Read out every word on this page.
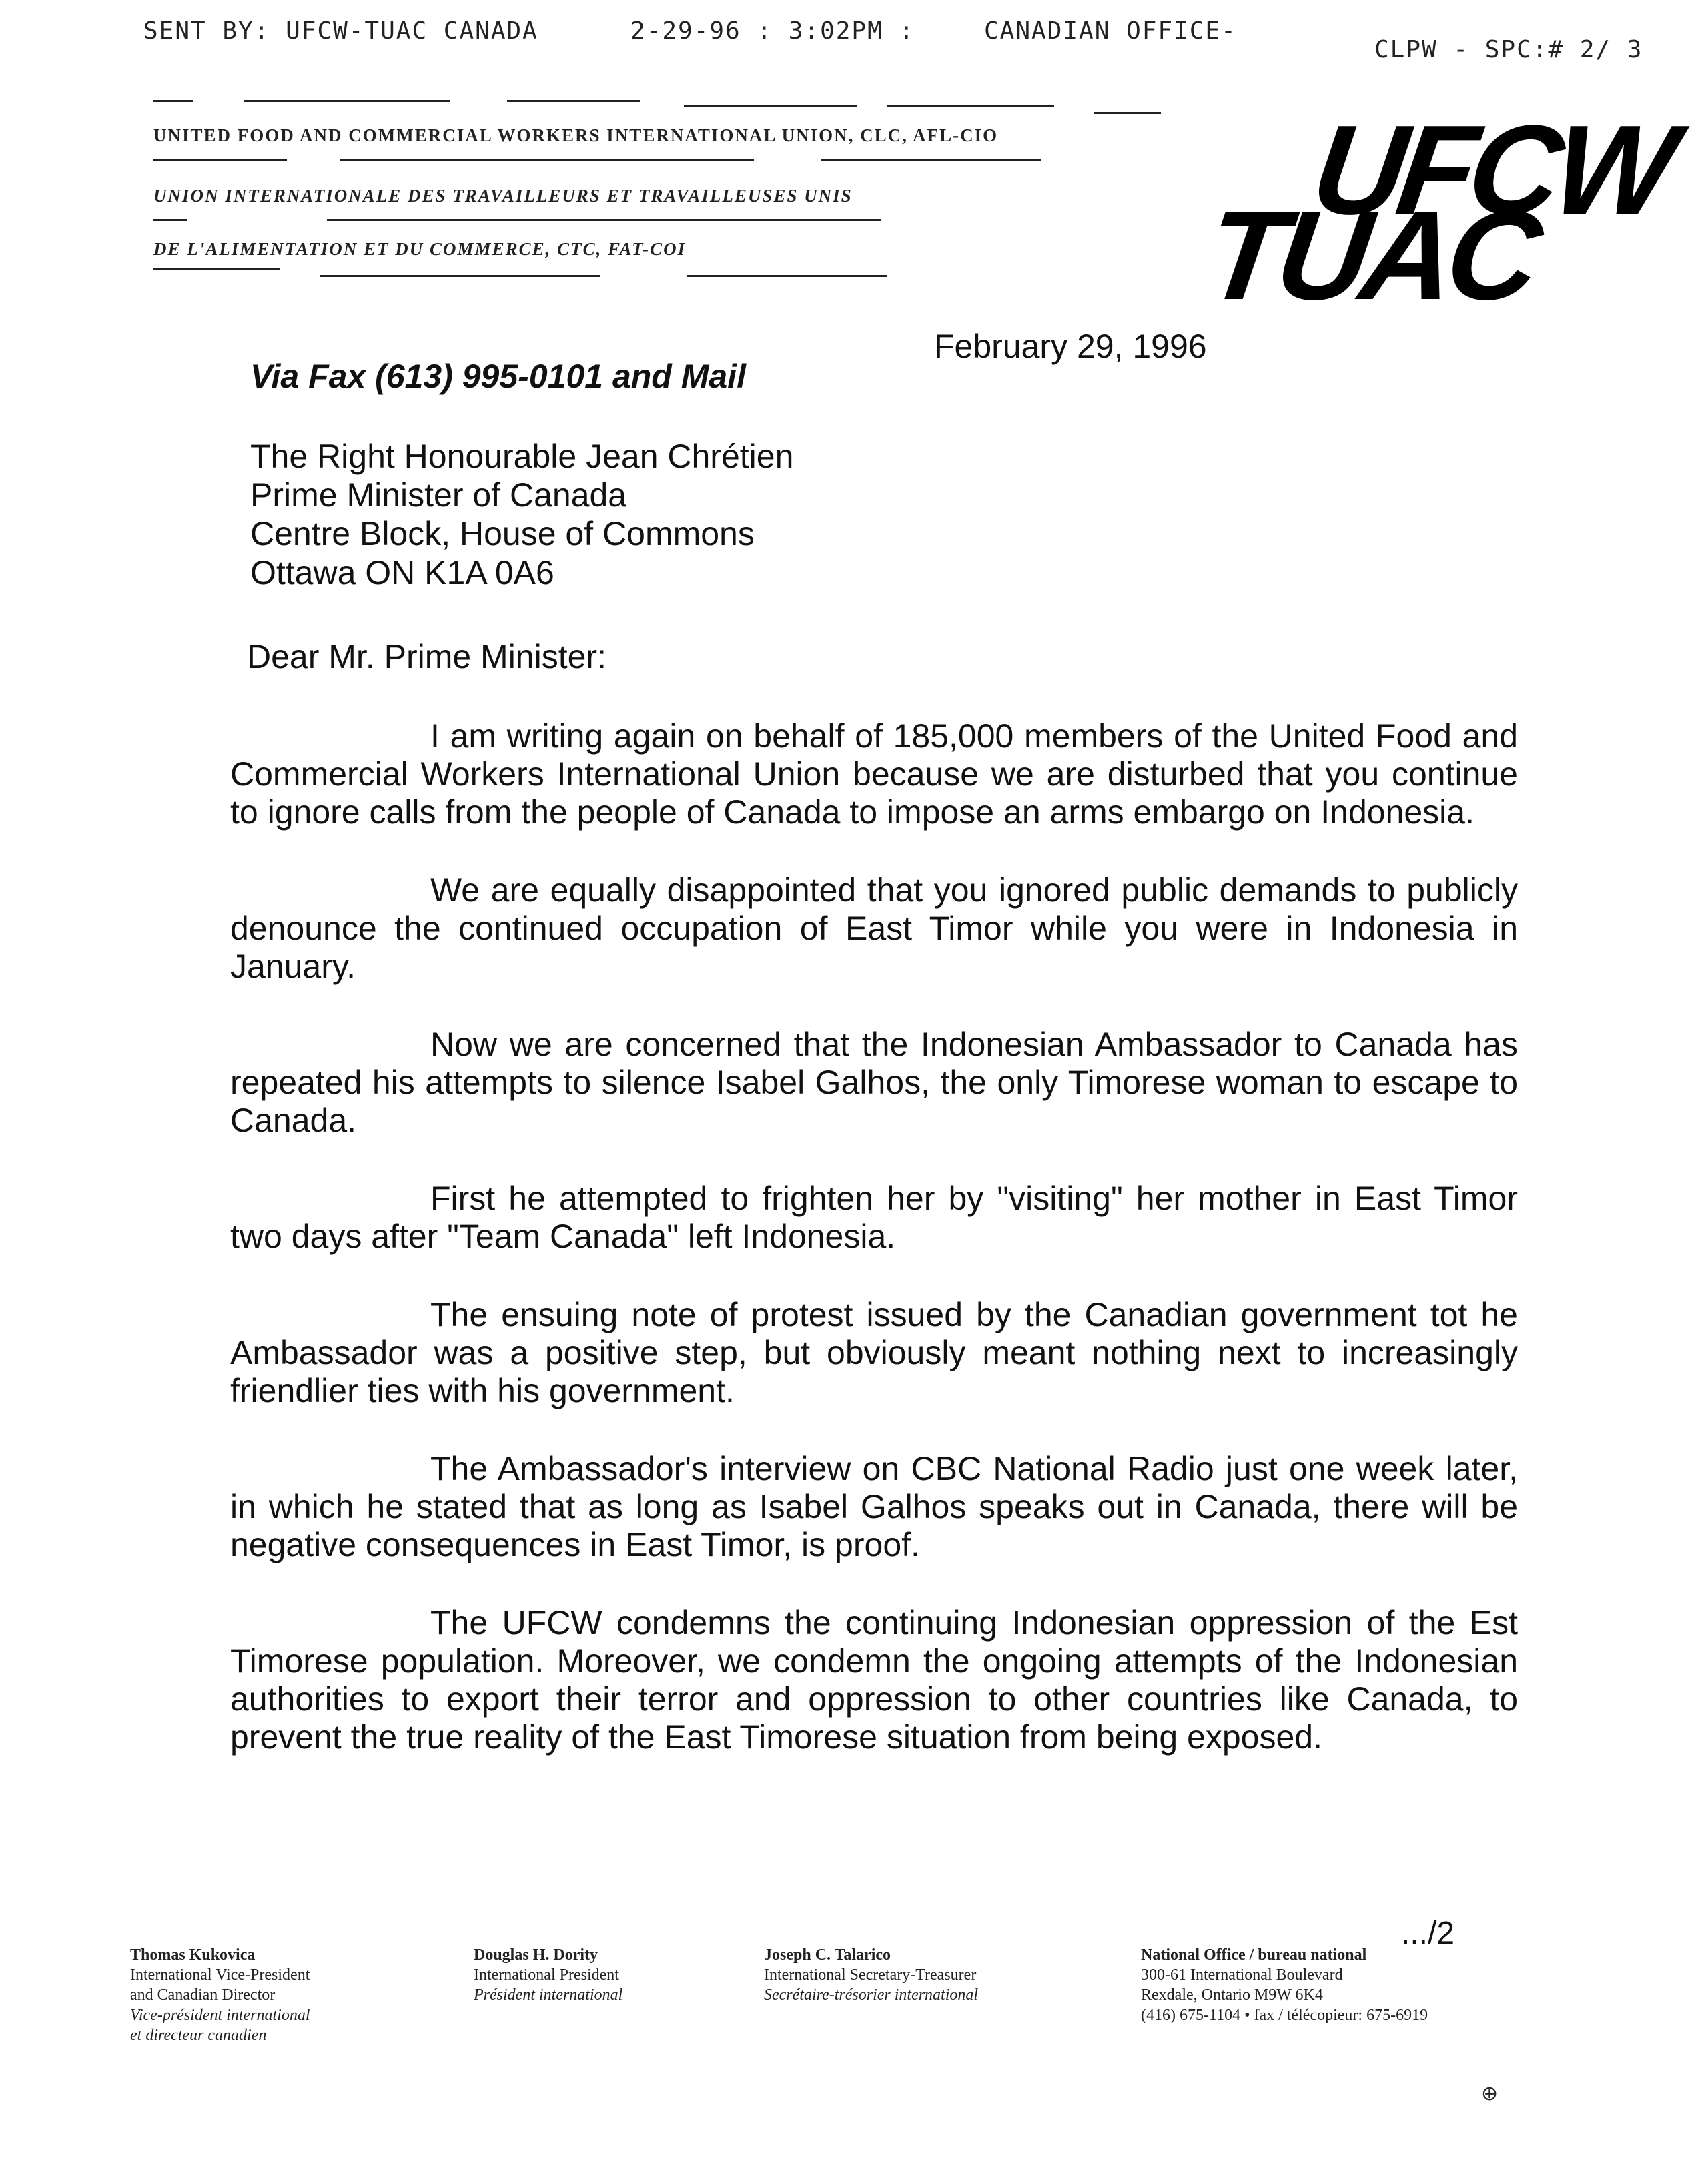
SENT BY: UFCW-TUAC CANADA	2-29-96 : 3:02PM :	CANADIAN OFFICE-
CLPW - SPC:# 2/ 3
UNITED FOOD AND COMMERCIAL WORKERS INTERNATIONAL UNION, CLC, AFL-CIO
UNION INTERNATIONALE DES TRAVAILLEURS ET TRAVAILLEUSES UNIS
DE L'ALIMENTATION ET DU COMMERCE, CTC, FAT-COI
UFCW
TUAC
February 29, 1996
Via Fax (613) 995-0101 and Mail
The Right Honourable Jean Chrétien
Prime Minister of Canada
Centre Block, House of Commons
Ottawa ON K1A 0A6
Dear Mr. Prime Minister:

I am writing again on behalf of 185,000 members of the United Food and Commercial Workers International Union because we are disturbed that you continue to ignore calls from the people of Canada to impose an arms embargo on Indonesia.

We are equally disappointed that you ignored public demands to publicly denounce the continued occupation of East Timor while you were in Indonesia in January.

Now we are concerned that the Indonesian Ambassador to Canada has repeated his attempts to silence Isabel Galhos, the only Timorese woman to escape to Canada.

First he attempted to frighten her by "visiting" her mother in East Timor two days after "Team Canada" left Indonesia.

The ensuing note of protest issued by the Canadian government tot he Ambassador was a positive step, but obviously meant nothing next to increasingly friendlier ties with his government.

The Ambassador's interview on CBC National Radio just one week later, in which he stated that as long as Isabel Galhos speaks out in Canada, there will be negative consequences in East Timor, is proof.

The UFCW condemns the continuing Indonesian oppression of the Est Timorese population. Moreover, we condemn the ongoing attempts of the Indonesian authorities to export their terror and oppression to other countries like Canada, to prevent the true reality of the East Timorese situation from being exposed.

.../2
Thomas Kukovica
International Vice-President
and Canadian Director
Vice-président international
et directeur canadien
Douglas H. Dority
International President
Président international
Joseph C. Talarico
International Secretary-Treasurer
Secrétaire-trésorier international
National Office / bureau national
300-61 International Boulevard
Rexdale, Ontario M9W 6K4
(416) 675-1104 • fax / télécopieur: 675-6919
⊕
